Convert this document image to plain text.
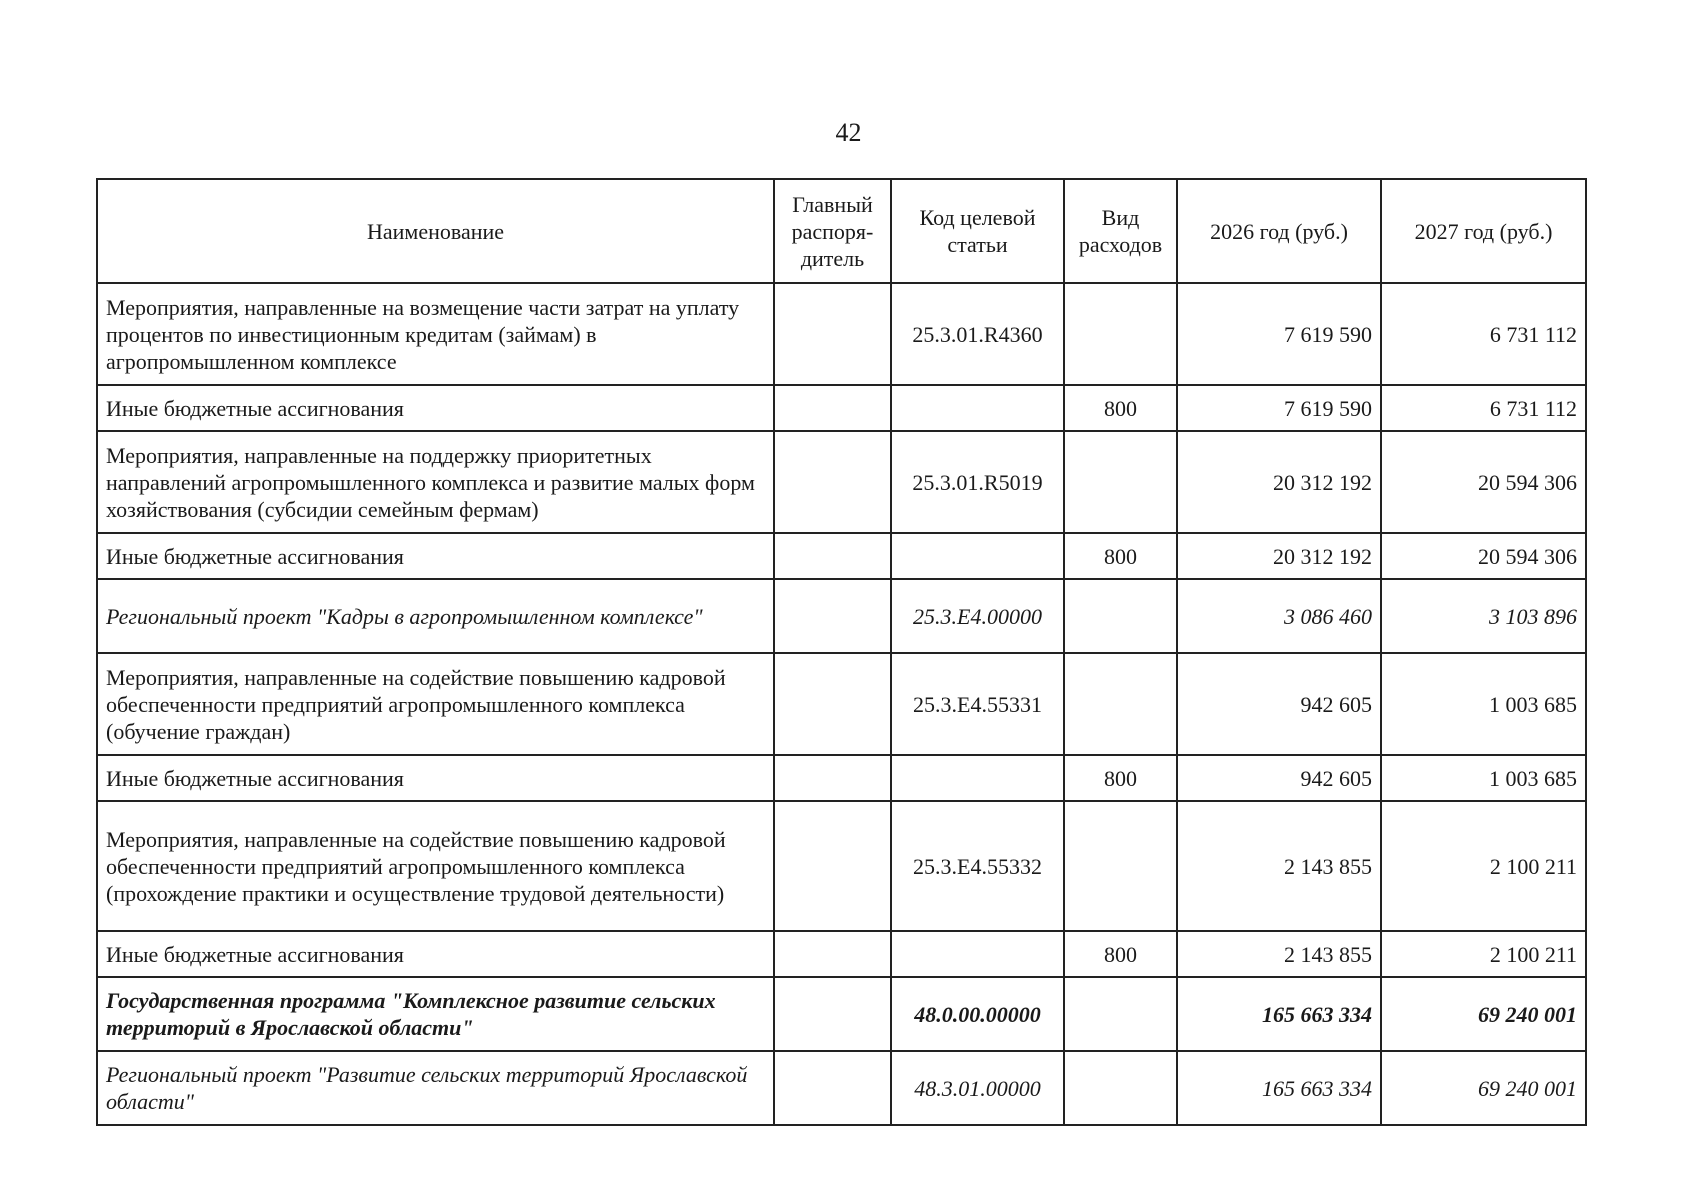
42
Наименование	Главный распоря-дитель	Код целевой статьи	Вид расходов	2026 год (руб.)	2027 год (руб.)
Мероприятия, направленные на возмещение части затрат на уплату процентов по инвестиционным кредитам (займам) в агропромышленном комплексе		25.3.01.R4360		7 619 590	6 731 112
Иные бюджетные ассигнования			800	7 619 590	6 731 112
Мероприятия, направленные на поддержку приоритетных направлений агропромышленного комплекса и развитие малых форм хозяйствования (субсидии семейным фермам)		25.3.01.R5019		20 312 192	20 594 306
Иные бюджетные ассигнования			800	20 312 192	20 594 306
Региональный проект "Кадры в агропромышленном комплексе"		25.3.Е4.00000		3 086 460	3 103 896
Мероприятия, направленные на содействие повышению кадровой обеспеченности предприятий агропромышленного комплекса (обучение граждан)		25.3.Е4.55331		942 605	1 003 685
Иные бюджетные ассигнования			800	942 605	1 003 685
Мероприятия, направленные на содействие повышению кадровой обеспеченности предприятий агропромышленного комплекса (прохождение практики и осуществление трудовой деятельности)		25.3.Е4.55332		2 143 855	2 100 211
Иные бюджетные ассигнования			800	2 143 855	2 100 211
Государственная программа "Комплексное развитие сельских территорий в Ярославской области"		48.0.00.00000		165 663 334	69 240 001
Региональный проект "Развитие сельских территорий Ярославской области"		48.3.01.00000		165 663 334	69 240 001
